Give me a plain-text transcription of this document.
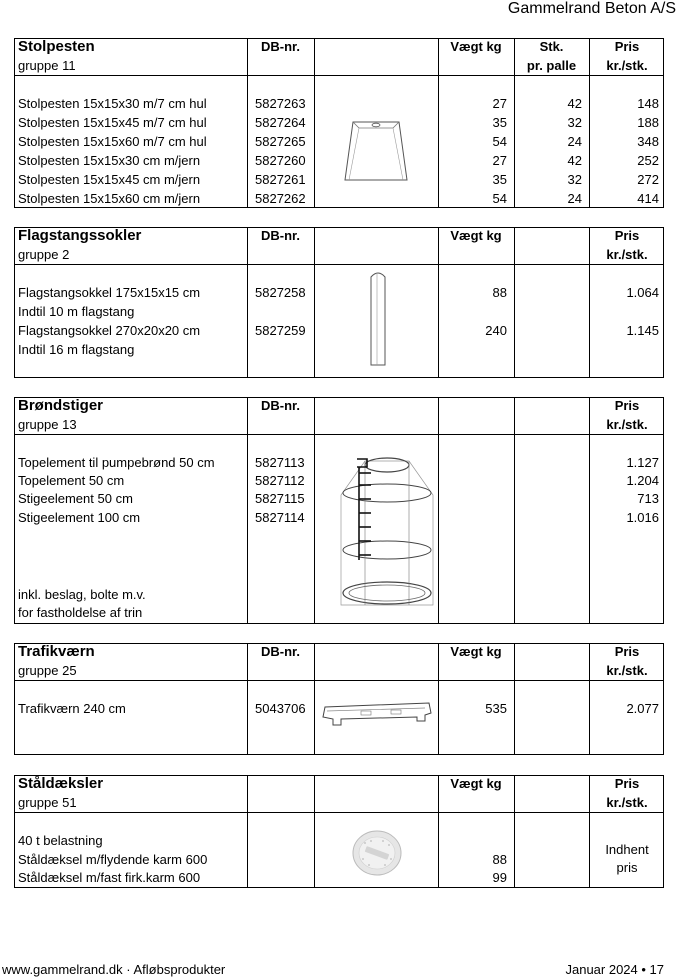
Gammelrand Beton A/S
Stolpesten
gruppe 11
DB-nr.	Vægt kg	Stk.
pr. palle
Pris
kr./stk.
Stolpesten 15x15x30 m/7 cm hul	5827263	27	42	148
Stolpesten 15x15x45 m/7 cm hul	5827264	35	32	188
Stolpesten 15x15x60 m/7 cm hul	5827265	54	24	348
Stolpesten 15x15x30 cm m/jern	5827260	27	42	252
Stolpesten 15x15x45 cm m/jern	5827261	35	32	272
Stolpesten 15x15x60 cm m/jern	5827262	54	24	414
Flagstangssokler
gruppe 2
DB-nr.	Vægt kg	Pris
kr./stk.
Flagstangsokkel 175x15x15 cm	5827258	88	1.064
Indtil 10 m flagstang
Flagstangsokkel 270x20x20 cm	5827259	240	1.145
Indtil 16 m flagstang
Brøndstiger
gruppe 13
DB-nr.	Pris
kr./stk.
Topelement til pumpebrønd 50 cm	5827113	1.127
Topelement 50 cm	5827112	1.204
Stigeelement 50 cm	5827115	713
Stigeelement 100 cm	5827114	1.016
inkl. beslag, bolte m.v.
for fastholdelse af trin
Trafikværn
gruppe 25
DB-nr.	Vægt kg	Pris
kr./stk.
Trafikværn 240 cm	5043706	535	2.077
Ståldæksler
gruppe 51
Vægt kg	Pris
kr./stk.
40 t belastning
Ståldæksel m/flydende karm 600	88
Ståldæksel m/fast firk.karm 600	99
Indhent
pris
www.gammelrand.dk · Afløbsprodukter	Januar 2024 • 17
